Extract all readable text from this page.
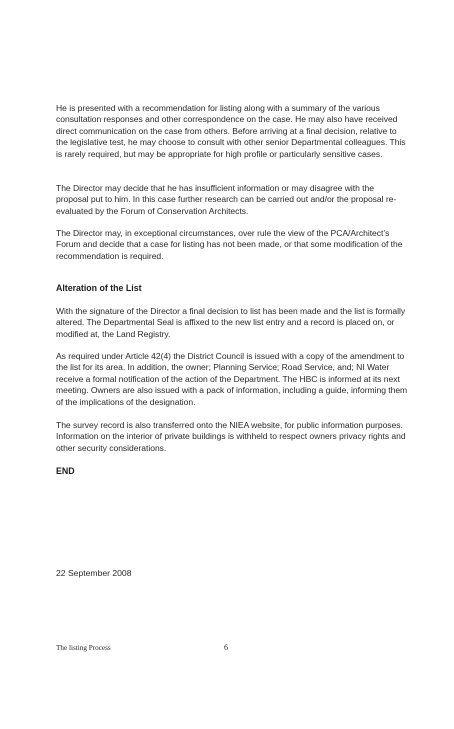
He is presented with a recommendation for listing along with a summary of the various consultation responses and other correspondence on the case. He may also have received direct communication on the case from others. Before arriving at a final decision, relative to the legislative test, he may choose to consult with other senior Departmental colleagues. This is rarely required, but may be appropriate for high profile or particularly sensitive cases.

The Director may decide that he has insufficient information or may disagree with the proposal put to him. In this case further research can be carried out and/or the proposal re-evaluated by the Forum of Conservation Architects.

The Director may, in exceptional circumstances, over rule the view of the PCA/Architect’s Forum and decide that a case for listing has not been made, or that some modification of the recommendation is required.

Alteration of the List

With the signature of the Director a final decision to list has been made and the list is formally altered. The Departmental Seal is affixed to the new list entry and a record is placed on, or modified at, the Land Registry.

As required under Article 42(4) the District Council is issued with a copy of the amendment to the list for its area. In addition, the owner; Planning Service; Road Service, and; NI Water receive a formal notification of the action of the Department. The HBC is informed at its next meeting. Owners are also issued with a pack of information, including a guide, informing them of the implications of the designation.

The survey record is also transferred onto the NIEA website, for public information purposes. Information on the interior of private buildings is withheld to respect owners privacy rights and other security considerations.

END
22 September 2008
The listing Process	6
